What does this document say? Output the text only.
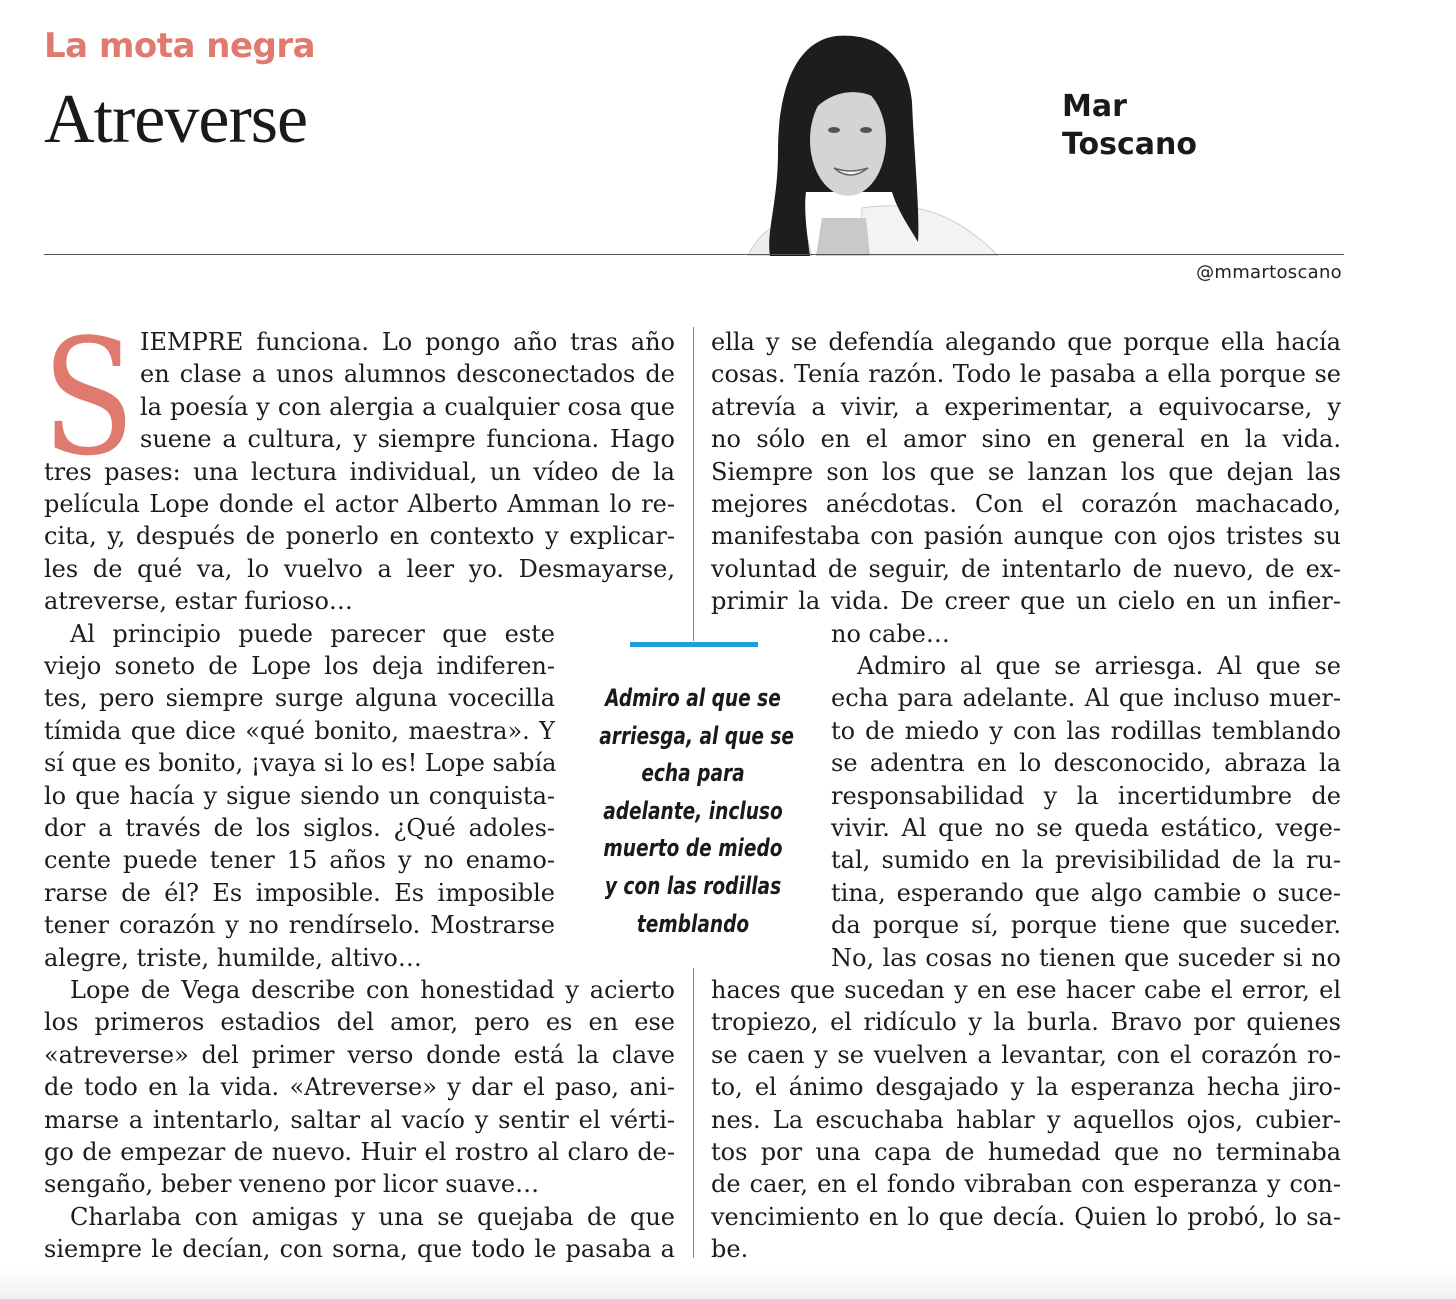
La mota negra
Atreverse	Mar
Toscano
@mmartoscano
Admiro al que se
arriesga, al que se
echa para
adelante, incluso
muerto de miedo
y con las rodillas
temblando
S IEMPRE funciona. Lo pongo año tras año
en clase a unos alumnos desconectados de
la poesía y con alergia a cualquier cosa que
suene a cultura, y siempre funciona. Hago
tres pases: una lectura individual, un vídeo de la
película Lope donde el actor Alberto Amman lo re-
cita, y, después de ponerlo en contexto y explicar-
les de qué va, lo vuelvo a leer yo. Desmayarse,
atreverse, estar furioso…
Al principio puede parecer que este
viejo soneto de Lope los deja indiferen-
tes, pero siempre surge alguna vocecilla
tímida que dice «qué bonito, maestra». Y
sí que es bonito, ¡vaya si lo es! Lope sabía
lo que hacía y sigue siendo un conquista-
dor a través de los siglos. ¿Qué adoles-
cente puede tener 15 años y no enamo-
rarse de él? Es imposible. Es imposible
tener corazón y no rendírselo. Mostrarse
alegre, triste, humilde, altivo…
Lope de Vega describe con honestidad y acierto
los primeros estadios del amor, pero es en ese
«atreverse» del primer verso donde está la clave
de todo en la vida. «Atreverse» y dar el paso, ani-
marse a intentarlo, saltar al vacío y sentir el vérti-
go de empezar de nuevo. Huir el rostro al claro de-
sengaño, beber veneno por licor suave…
Charlaba con amigas y una se quejaba de que
siempre le decían, con sorna, que todo le pasaba a
ella y se defendía alegando que porque ella hacía
cosas. Tenía razón. Todo le pasaba a ella porque se
atrevía a vivir, a experimentar, a equivocarse, y
no sólo en el amor sino en general en la vida.
Siempre son los que se lanzan los que dejan las
mejores anécdotas. Con el corazón machacado,
manifestaba con pasión aunque con ojos tristes su
voluntad de seguir, de intentarlo de nuevo, de ex-
primir la vida. De creer que un cielo en un infier-
no cabe…
Admiro al que se arriesga. Al que se
echa para adelante. Al que incluso muer-
to de miedo y con las rodillas temblando
se adentra en lo desconocido, abraza la
responsabilidad y la incertidumbre de
vivir. Al que no se queda estático, vege-
tal, sumido en la previsibilidad de la ru-
tina, esperando que algo cambie o suce-
da porque sí, porque tiene que suceder.
No, las cosas no tienen que suceder si no
haces que sucedan y en ese hacer cabe el error, el
tropiezo, el ridículo y la burla. Bravo por quienes
se caen y se vuelven a levantar, con el corazón ro-
to, el ánimo desgajado y la esperanza hecha jiro-
nes. La escuchaba hablar y aquellos ojos, cubier-
tos por una capa de humedad que no terminaba
de caer, en el fondo vibraban con esperanza y con-
vencimiento en lo que decía. Quien lo probó, lo sa-
be.
